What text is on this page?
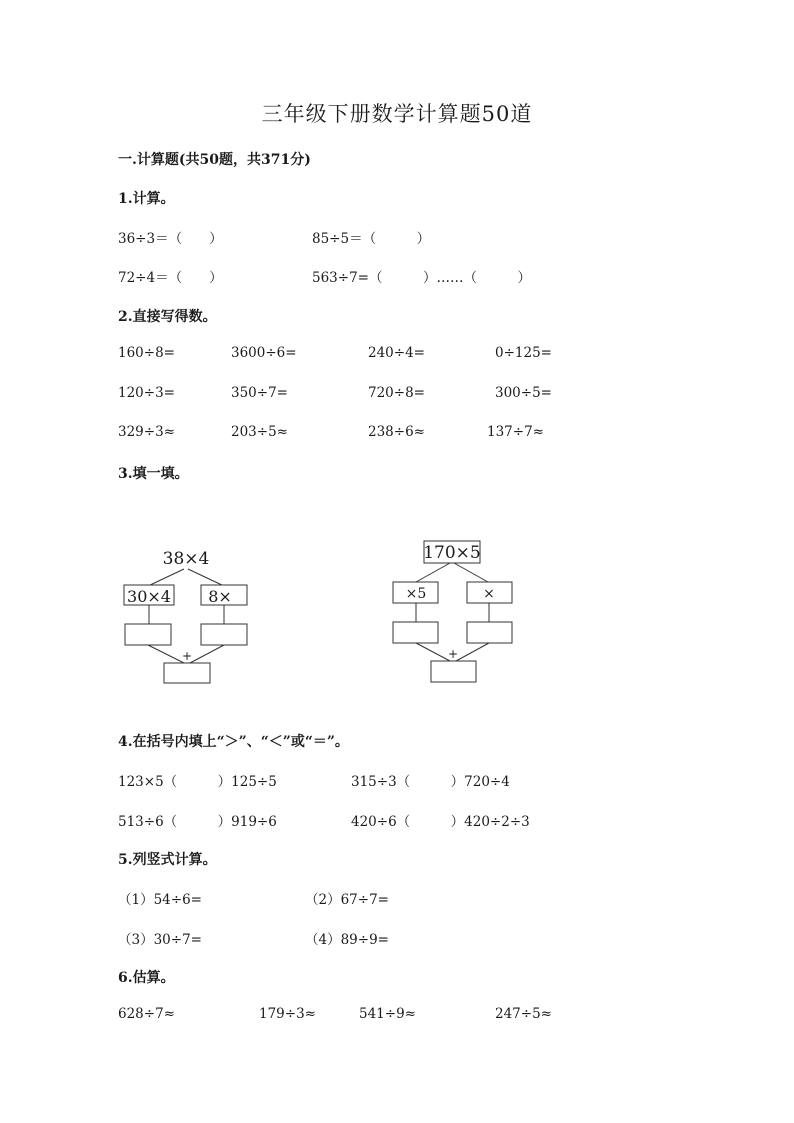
三年级下册数学计算题50道
一.计算题(共50题，共371分)
1.计算。
36÷3＝（　　）	85÷5＝（　　　）
72÷4＝（　　）	563÷7=（　　　）……（　　　）
2.直接写得数。
160÷8=	3600÷6=	240÷4=	0÷125=
120÷3=	350÷7=	720÷8=	300÷5=
329÷3≈	203÷5≈	238÷6≈	137÷7≈
3.填一填。
38×4
30×4 8×
+
170×5
×5	×
+
4.在括号内填上“＞”、“＜”或“＝”。
123×5（　　　）125÷5	315÷3（　　　）720÷4
513÷6（　　　）919÷6	420÷6（　　　）420÷2÷3
5.列竖式计算。
（1）54÷6=	（2）67÷7=
（3）30÷7=	（4）89÷9=
6.估算。
628÷7≈	179÷3≈	541÷9≈	247÷5≈
